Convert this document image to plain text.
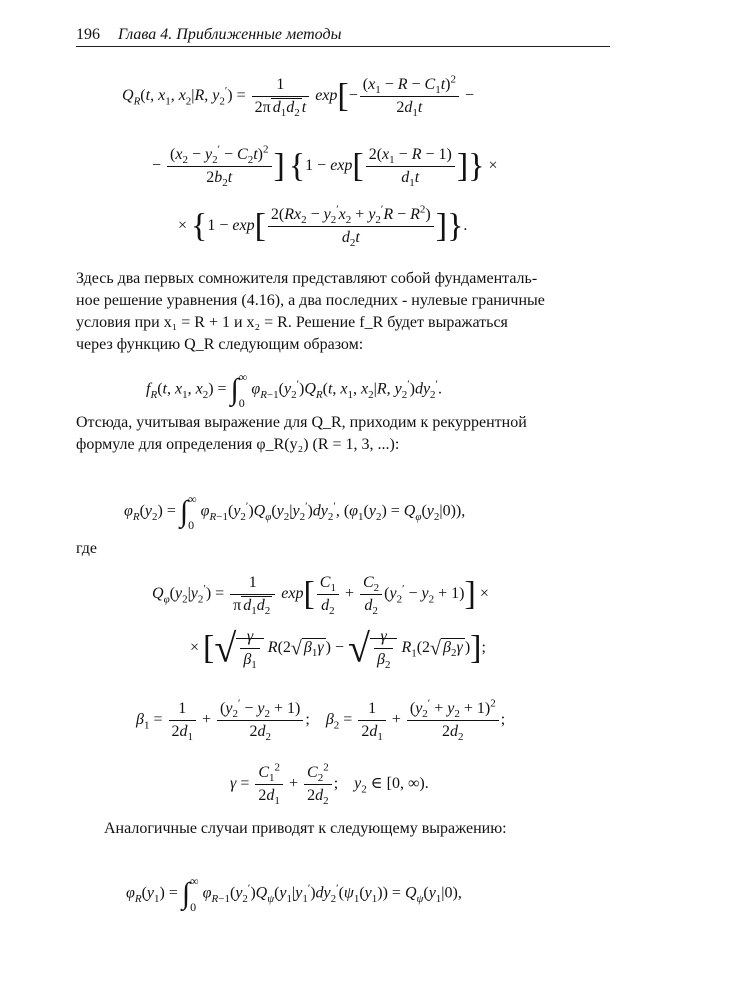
196 Глава 4. Приближенные методы
$Q_R(t$, $x_1$, $x_2|R$, $y_2') = \frac{1}{2\pi d_1d_2 t} \exp[- \frac{(x_1 - R - C_1t)^2}{2d_1t}$ −
− $\frac{(x_2 - y_2' - C_2t)^2}{2b_2t}$ ] {$1 - \exp[ \frac{2(x_1 - R - 1)}{d_1t}$ ]} ×
× {$1 - \exp[ \frac{2(Rx_2 - y_2'x_2 + y_2'R - R^2)}{d_2t}$ ]}.
Здесь два первых сомножителя представляют собой фундаменталь-
ное решение уравнения (4.16), а два последних - нулевые граничные
условия при x₁ = R + 1 и x₂ = R. Решение f_R будет выражаться
через функцию Q_R следующим образом:
$f_R(t$, $x_1$, $x_2$) = ∫ ∞
0
$\varphi_{R-1}(y_2')Q_R(t$, $x_1$, $x_2|R$, $y_2')dy_2'$.
Отсюда, учитывая выражение для Q_R, приходим к рекуррентной
формуле для определения φ_R(y₂) (R = 1, 3, ...):
$\varphi_R(y_2)$ = ∫ ∞
0
$\varphi_{R-1}(y_2')Q_\varphi(y_2|y_2')dy_2'$, $(\varphi_1(y_2) = Q_\varphi(y_2|0))$,
где
$Q_\varphi(y_2|y_2') = \frac{1}{\pi d_1d_2} \exp[ \frac{C_1}{d_2} + \frac{C_2}{d_2} (y_2' - y_2 + 1)]$ ×
× [√ $\frac{\gamma}{\beta_1} R(2√$ $\beta_1\gamma$ ) − √ $\frac{\gamma}{\beta_2} R_1(2√$ $\beta_2\gamma$ )];
$\beta_1 = \frac{1}{2d_1} + \frac{(y_2' - y_2 + 1)}{2d_2}$ ;    $\beta_2 = \frac{1}{2d_1} + \frac{(y_2' + y_2 + 1)^2}{2d_2}$ ;
$\gamma = \frac{C_1^2}{2d_1} + \frac{C_2^2}{2d_2}$ ;    $y_2$ ∈ [0, ∞).
Аналогичные случаи приводят к следующему выражению:
$\varphi_R(y_1)$ = ∫ ∞
0
$\varphi_{R-1}(y_2')Q_\psi(y_1|y_1')dy_2'(\psi_1(y_1)) = Q_\psi(y_1|0)$,
